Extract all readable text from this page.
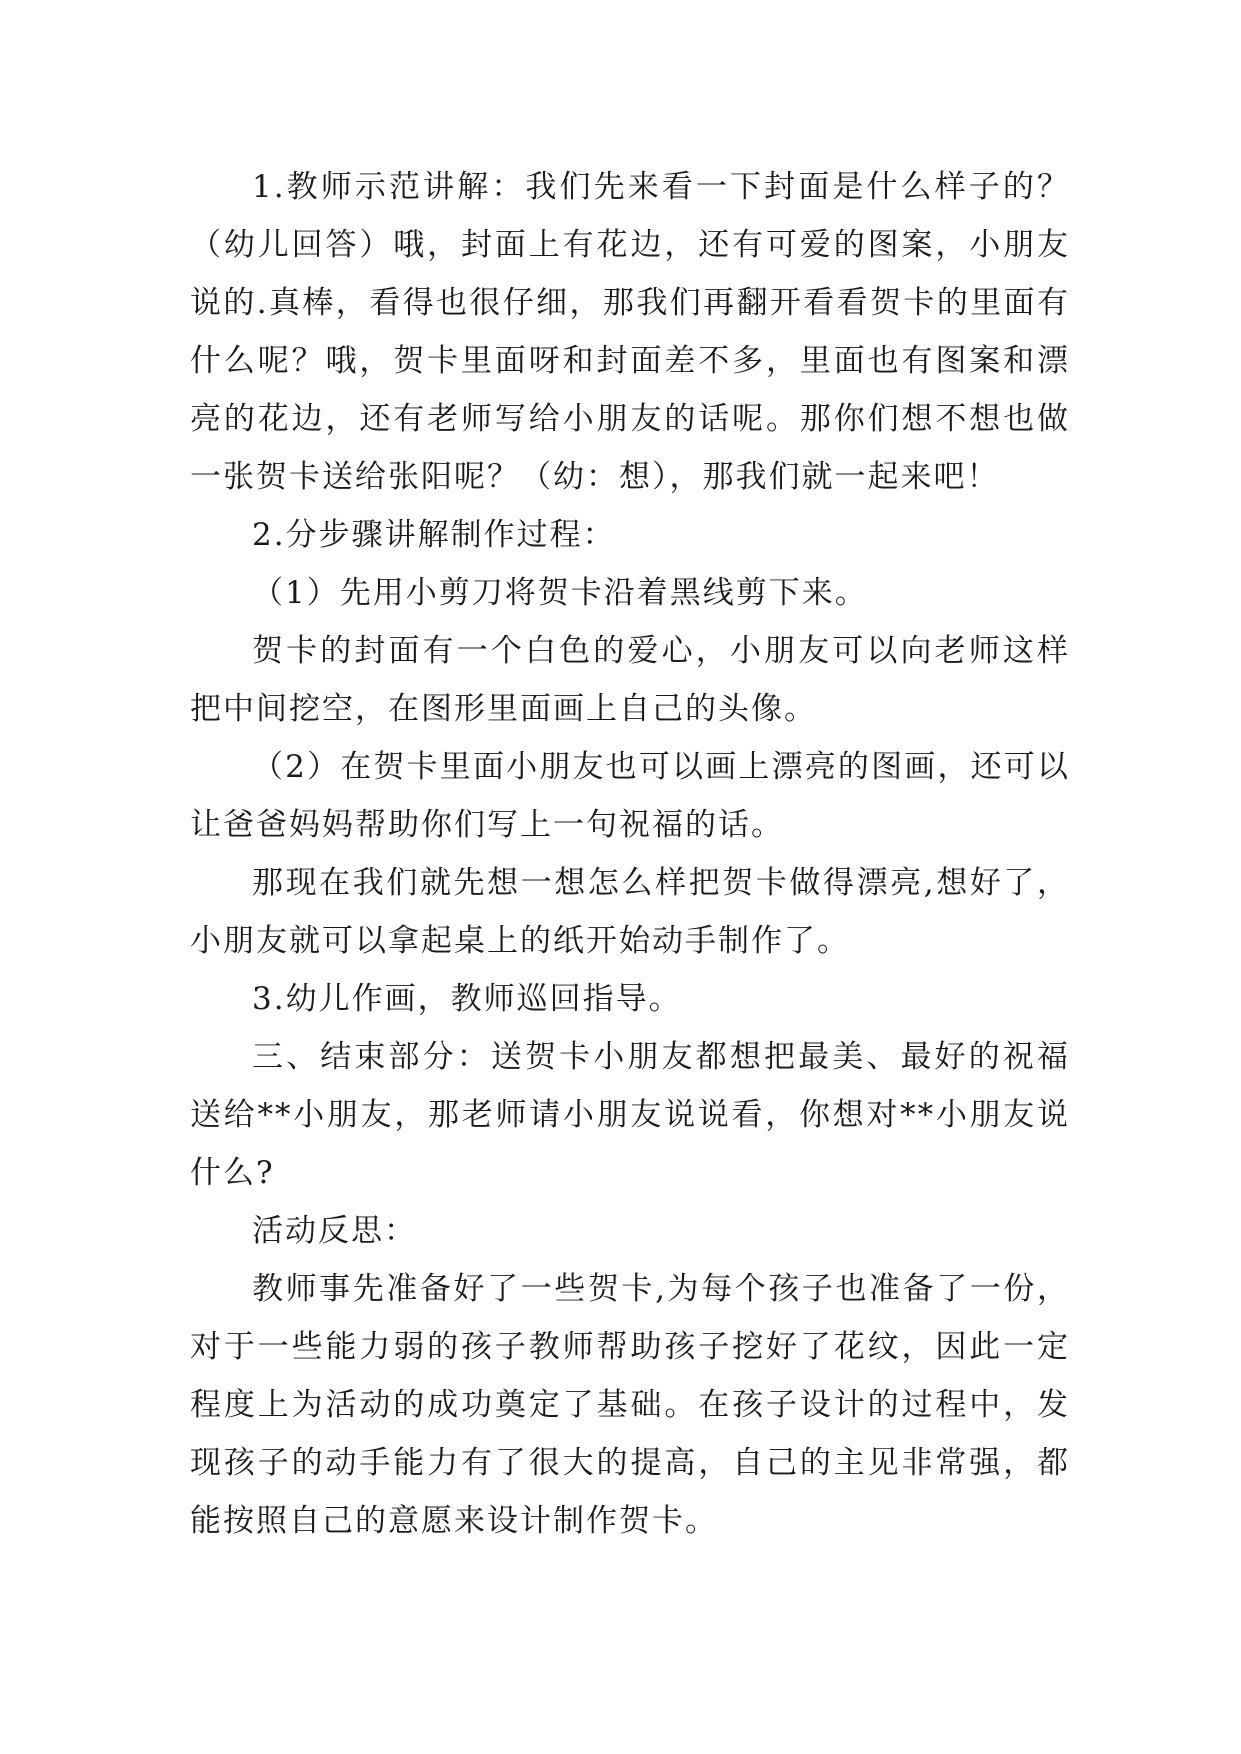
1.教师示范讲解：我们先来看一下封面是什么样子的？（幼儿回答）哦，封面上有花边，还有可爱的图案，小朋友说的.真棒，看得也很仔细，那我们再翻开看看贺卡的里面有什么呢？哦，贺卡里面呀和封面差不多，里面也有图案和漂亮的花边，还有老师写给小朋友的话呢。那你们想不想也做一张贺卡送给张阳呢？（幼：想），那我们就一起来吧！

2.分步骤讲解制作过程：

（1）先用小剪刀将贺卡沿着黑线剪下来。

贺卡的封面有一个白色的爱心，小朋友可以向老师这样把中间挖空，在图形里面画上自己的头像。

（2）在贺卡里面小朋友也可以画上漂亮的图画，还可以让爸爸妈妈帮助你们写上一句祝福的话。

那现在我们就先想一想怎么样把贺卡做得漂亮,想好了，小朋友就可以拿起桌上的纸开始动手制作了。

3.幼儿作画，教师巡回指导。

三、结束部分：送贺卡小朋友都想把最美、最好的祝福送给**小朋友，那老师请小朋友说说看，你想对**小朋友说什么?

活动反思：

教师事先准备好了一些贺卡,为每个孩子也准备了一份，对于一些能力弱的孩子教师帮助孩子挖好了花纹，因此一定程度上为活动的成功奠定了基础。在孩子设计的过程中，发现孩子的动手能力有了很大的提高，自己的主见非常强，都能按照自己的意愿来设计制作贺卡。
